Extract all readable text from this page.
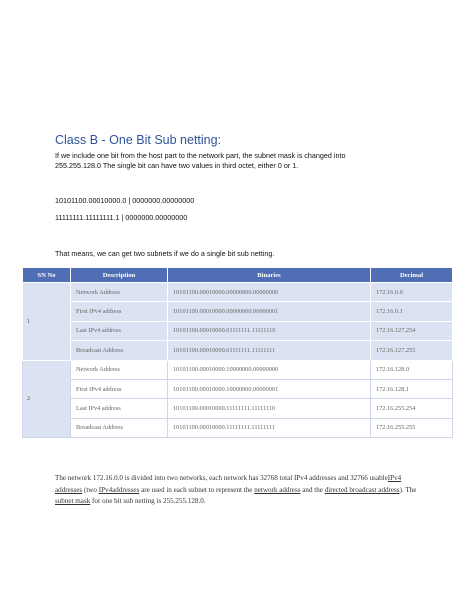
Class B - One Bit Sub netting:
If we include one bit from the host part to the network part, the subnet mask is changed into
255.255.128.0 The single bit can have two values in third octet, either 0 or 1.
10101100.00010000.0 | 0000000.00000000
11111111.11111111.1 | 0000000.00000000
That means, we can get two subnets if we do a single bit sub netting.
SN No	Description	Binaries	Decimal
1	Network Address	10101100.00010000.00000000.00000000	172.16.0.0
	First IPv4 address	10101100.00010000.00000000.00000001	172.16.0.1
	Last IPv4 address	10101100.00010000.01111111.11111110	172.16.127.254
	Broadcast Address	10101100.00010000.01111111.11111111	172.16.127.255
2	Network Address	10101100.00010000.10000000.00000000	172.16.128.0
	First IPv4 address	10101100.00010000.10000000.00000001	172.16.128.1
	Last IPv4 address	10101100.00010000.11111111.11111110	172.16.255.254
	Broadcast Address	10101100.00010000.11111111.11111111	172.16.255.255
The network 172.16.0.0 is divided into two networks, each network has 32768 total IPv4 addresses and 32766 usableIPv4 addresses (two IPv4addresses are used in each subnet to represent the network address and the directed broadcast address). The subnet mask for one bit sub netting is 255.255.128.0.
